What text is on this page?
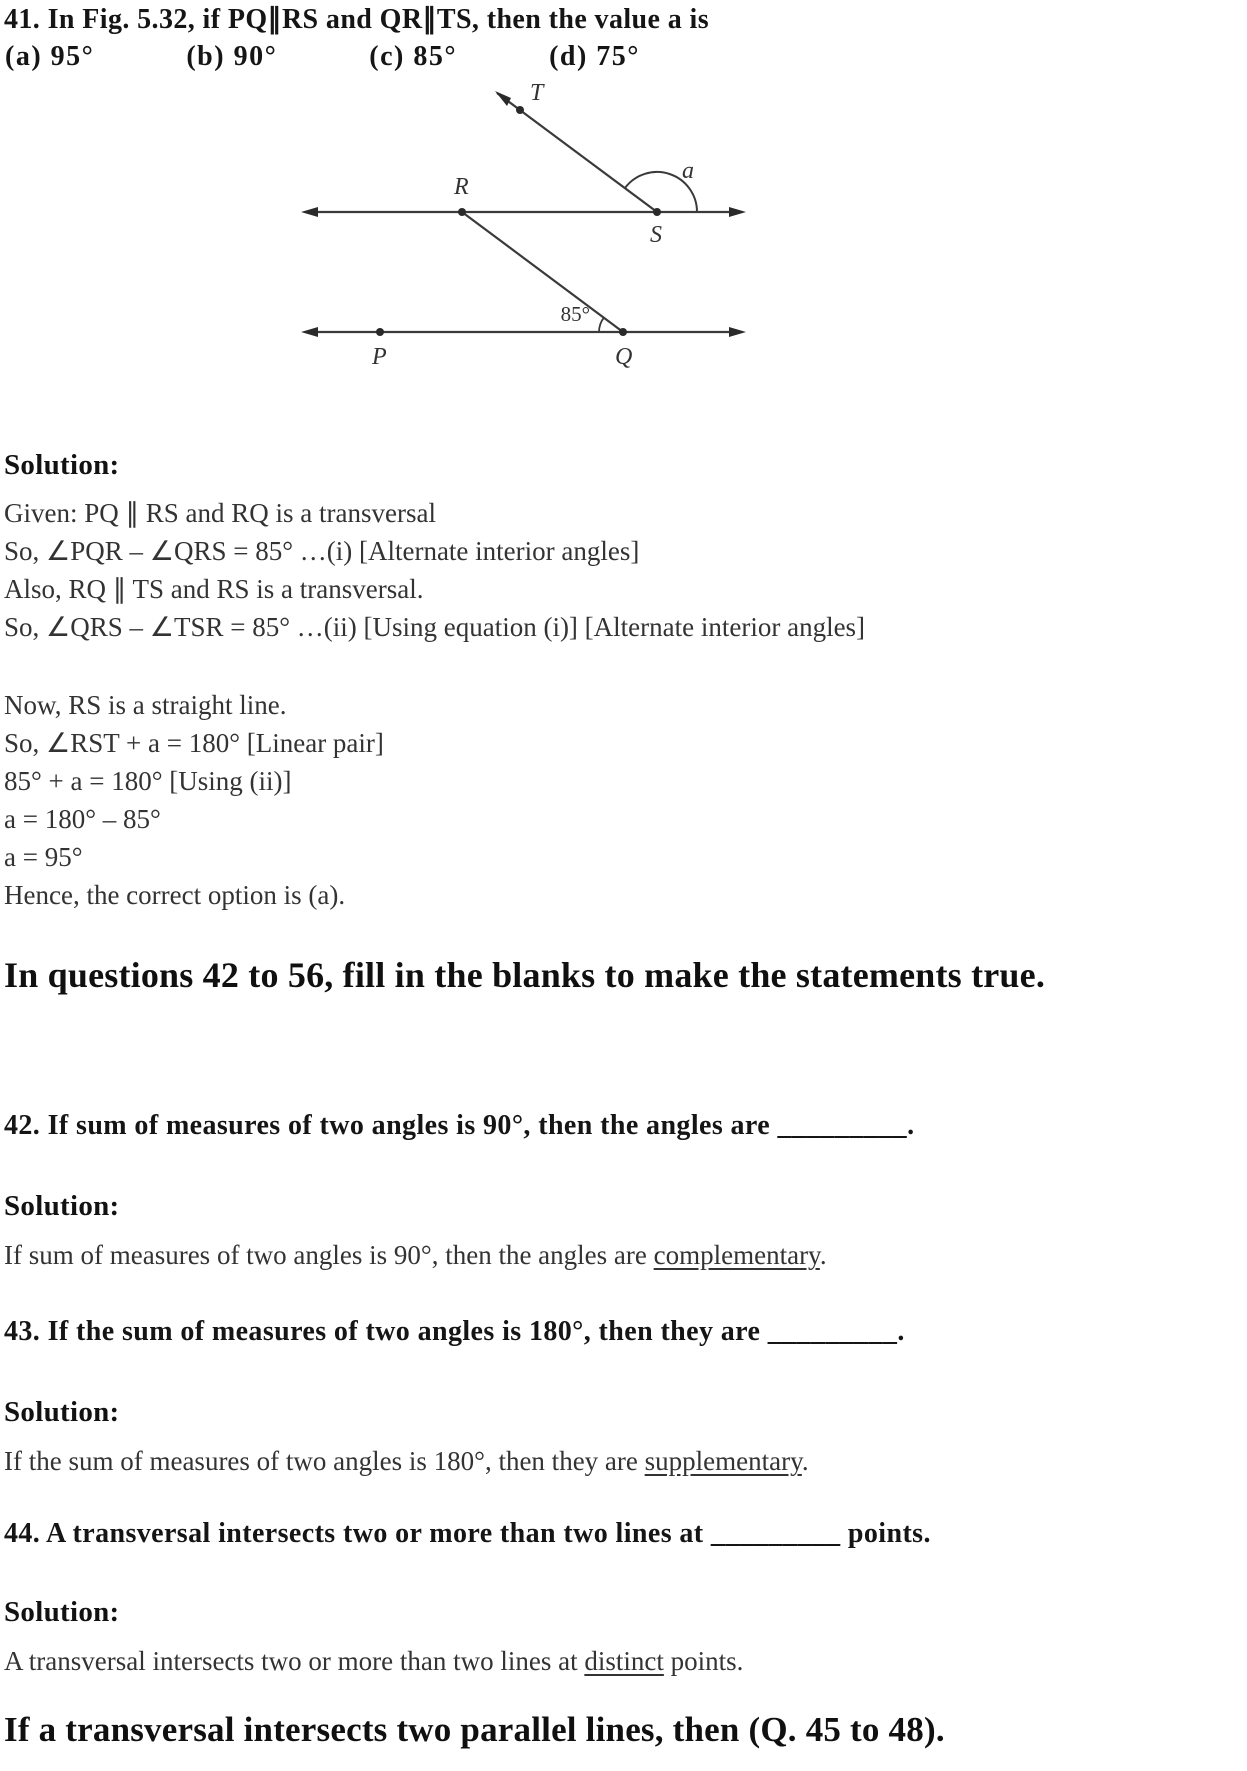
41. In Fig. 5.32, if PQ∥RS and QR∥TS, then the value a is
(a) 95°	(b) 90°	(c) 85°	(d) 75°
T
R
S
P	Q
a
85°
Solution:
Given: PQ ∥ RS and RQ is a transversal
So, ∠PQR – ∠QRS = 85° …(i) [Alternate interior angles]
Also, RQ ∥ TS and RS is a transversal.
So, ∠QRS – ∠TSR = 85° …(ii) [Using equation (i)] [Alternate interior angles]
Now, RS is a straight line.
So, ∠RST + a = 180° [Linear pair]
85° + a = 180° [Using (ii)]
a = 180° – 85°
a = 95°
Hence, the correct option is (a).
In questions 42 to 56, fill in the blanks to make the statements true.
42. If sum of measures of two angles is 90°, then the angles are _________.
Solution:
If sum of measures of two angles is 90°, then the angles are complementary.
43. If the sum of measures of two angles is 180°, then they are _________.
Solution:
If the sum of measures of two angles is 180°, then they are supplementary.
44. A transversal intersects two or more than two lines at _________ points.
Solution:
A transversal intersects two or more than two lines at distinct points.
If a transversal intersects two parallel lines, then (Q. 45 to 48).
